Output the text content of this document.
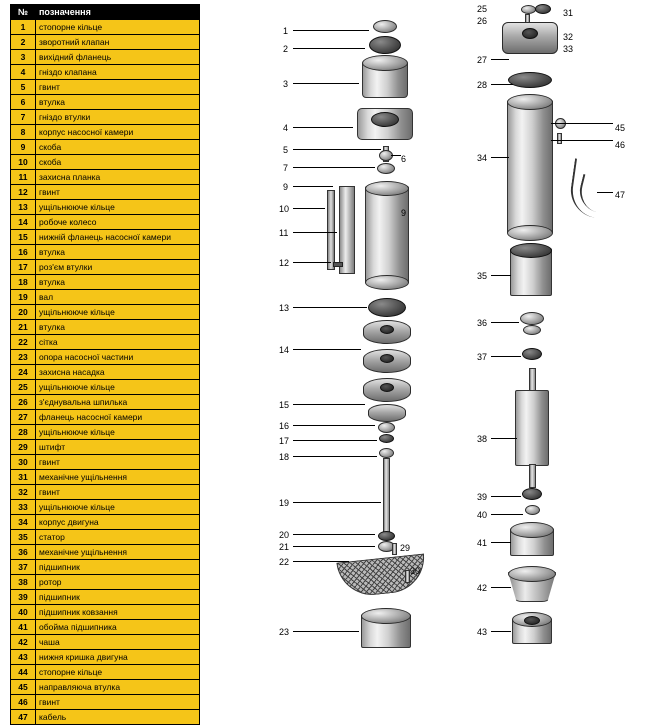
№	позначення
1	стопорне кільце
2	зворотний клапан
3	вихідний фланець
4	гніздо клапана
5	гвинт
6	втулка
7	гніздо втулки
8	корпус насосної камери
9	скоба
10	скоба
11	захисна планка
12	гвинт
13	ущільнююче кільце
14	робоче колесо
15	нижній фланець насосної камери
16	втулка
17	роз'єм втулки
18	втулка
19	вал
20	ущільнююче кільце
21	втулка
22	сітка
23	опора насосної частини
24	захисна насадка
25	ущільнююче кільце
26	з'єднувальна шпилька
27	фланець насосної камери
28	ущільнююче кільце
29	штифт
30	гвинт
31	механічне ущільнення
32	гвинт
33	ущільнююче кільце
34	корпус двигуна
35	статор
36	механічне ущільнення
37	підшипник
38	ротор
39	підшипник
40	підшипник ковзання
41	обойма підшипника
42	чаша
43	нижня кришка двигуна
44	стопорне кільце
45	направляюча втулка
46	гвинт
47	кабель
1
2
3
4
5
6
7
9
10
11
12
13
14
15
16
17
18
19
20
21
22
23
29
30
9
25
26
31
32
33
27
28
34
45
46
47
35
36
37
38
39
40
41
42
43
